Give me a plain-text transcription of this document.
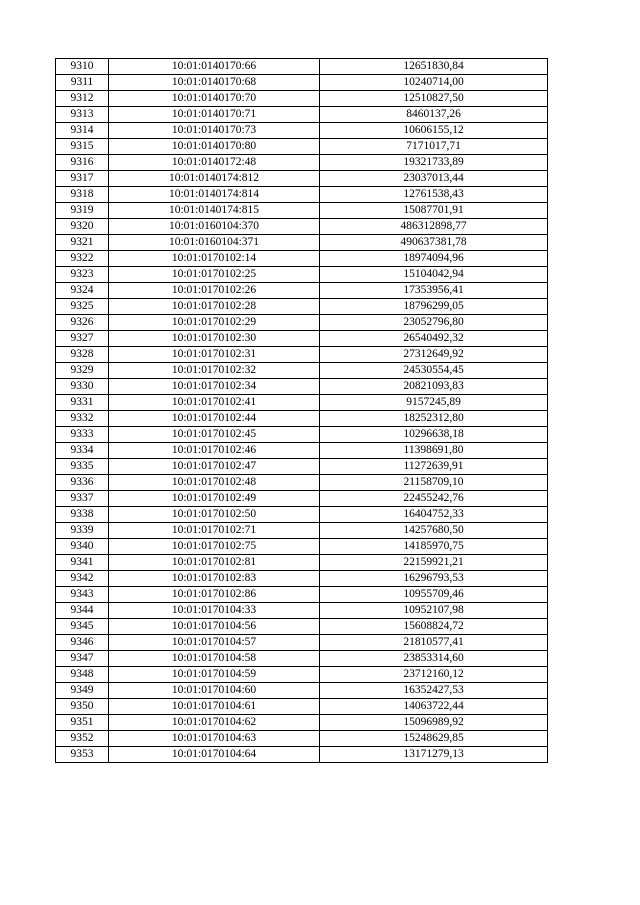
9310	10:01:0140170:66	12651830,84
9311	10:01:0140170:68	10240714,00
9312	10:01:0140170:70	12510827,50
9313	10:01:0140170:71	8460137,26
9314	10:01:0140170:73	10606155,12
9315	10:01:0140170:80	7171017,71
9316	10:01:0140172:48	19321733,89
9317	10:01:0140174:812	23037013,44
9318	10:01:0140174:814	12761538,43
9319	10:01:0140174:815	15087701,91
9320	10:01:0160104:370	486312898,77
9321	10:01:0160104:371	490637381,78
9322	10:01:0170102:14	18974094,96
9323	10:01:0170102:25	15104042,94
9324	10:01:0170102:26	17353956,41
9325	10:01:0170102:28	18796299,05
9326	10:01:0170102:29	23052796,80
9327	10:01:0170102:30	26540492,32
9328	10:01:0170102:31	27312649,92
9329	10:01:0170102:32	24530554,45
9330	10:01:0170102:34	20821093,83
9331	10:01:0170102:41	9157245,89
9332	10:01:0170102:44	18252312,80
9333	10:01:0170102:45	10296638,18
9334	10:01:0170102:46	11398691,80
9335	10:01:0170102:47	11272639,91
9336	10:01:0170102:48	21158709,10
9337	10:01:0170102:49	22455242,76
9338	10:01:0170102:50	16404752,33
9339	10:01:0170102:71	14257680,50
9340	10:01:0170102:75	14185970,75
9341	10:01:0170102:81	22159921,21
9342	10:01:0170102:83	16296793,53
9343	10:01:0170102:86	10955709,46
9344	10:01:0170104:33	10952107,98
9345	10:01:0170104:56	15608824,72
9346	10:01:0170104:57	21810577,41
9347	10:01:0170104:58	23853314,60
9348	10:01:0170104:59	23712160,12
9349	10:01:0170104:60	16352427,53
9350	10:01:0170104:61	14063722,44
9351	10:01:0170104:62	15096989,92
9352	10:01:0170104:63	15248629,85
9353	10:01:0170104:64	13171279,13
